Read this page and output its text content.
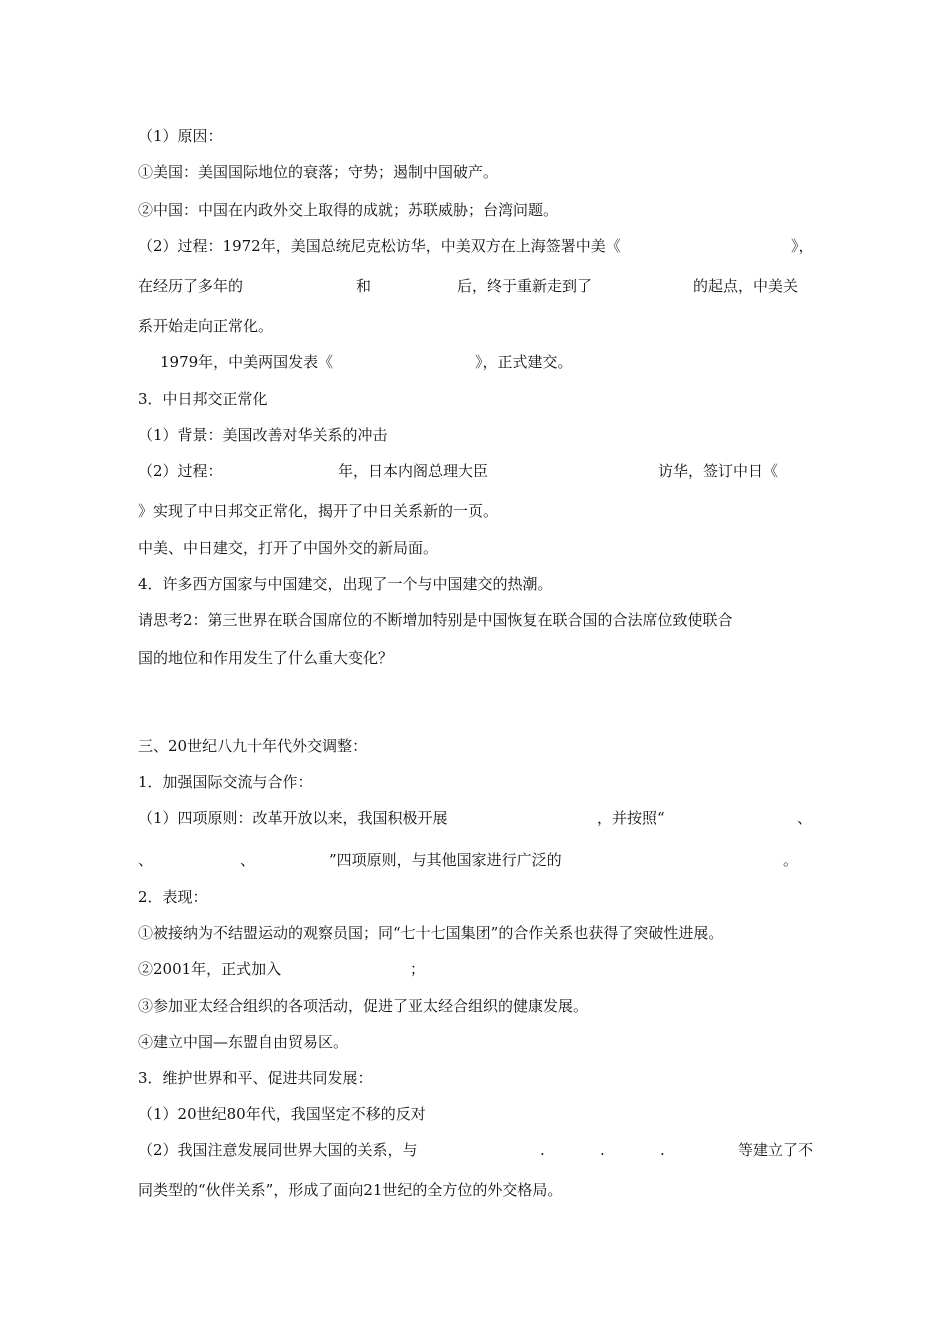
（1）原因：
①美国：美国国际地位的衰落；守势；遏制中国破产。
②中国：中国在内政外交上取得的成就；苏联威胁；台湾问题。
（2）过程：1972年，美国总统尼克松访华，中美双方在上海签署中美《	》，
在经历了多年的	和	后，终于重新走到了	的起点，中美关
系开始走向正常化。
1979年，中美两国发表《	》，正式建交。
3．中日邦交正常化
（1）背景：美国改善对华关系的冲击
（2）过程：	年，日本内阁总理大臣	访华，签订中日《
》实现了中日邦交正常化，揭开了中日关系新的一页。
中美、中日建交，打开了中国外交的新局面。
4．许多西方国家与中国建交，出现了一个与中国建交的热潮。
请思考2：第三世界在联合国席位的不断增加特别是中国恢复在联合国的合法席位致使联合
国的地位和作用发生了什么重大变化？
三、20世纪八九十年代外交调整：
1．加强国际交流与合作：
（1）四项原则：改革开放以来，我国积极开展	，并按照“	、
、	、	”四项原则，与其他国家进行广泛的	。
2．表现：
①被接纳为不结盟运动的观察员国；同“七十七国集团”的合作关系也获得了突破性进展。
②2001年，正式加入	；
③参加亚太经合组织的各项活动，促进了亚太经合组织的健康发展。
④建立中国—东盟自由贸易区。
3．维护世界和平、促进共同发展：
（1）20世纪80年代，我国坚定不移的反对
（2）我国注意发展同世界大国的关系，与	.	.	.	等建立了不
同类型的“伙伴关系”，形成了面向21世纪的全方位的外交格局。
